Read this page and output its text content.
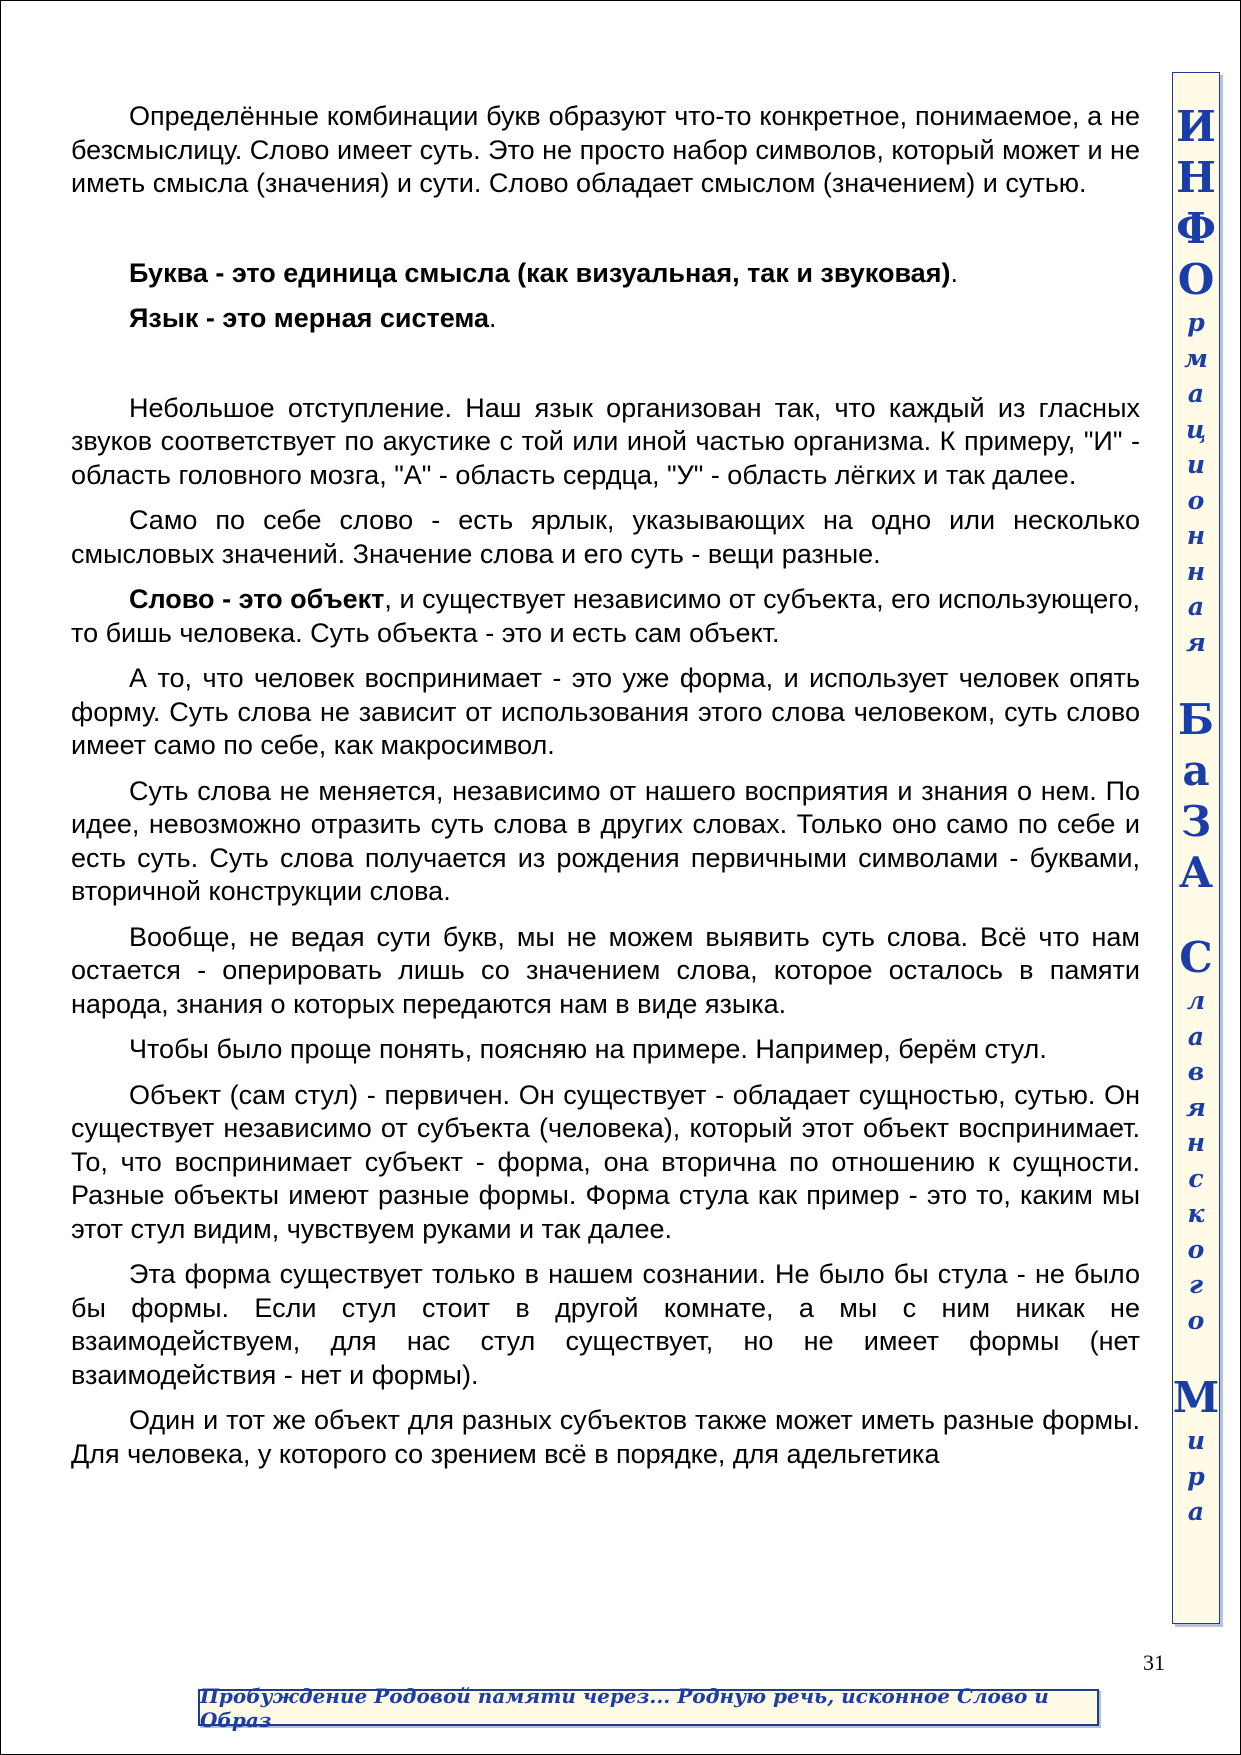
Определённые комбинации букв образуют что-то конкретное, понимаемое, а не безсмыслицу. Слово имеет суть. Это не просто набор символов, который может и не иметь смысла (значения) и сути. Слово обладает смыслом (значением) и сутью.

Буква - это единица смысла (как визуальная, так и звуковая).

Язык - это мерная система.

Небольшое отступление. Наш язык организован так, что каждый из гласных звуков соответствует по акустике с той или иной частью организма. К примеру, "И" - область головного мозга, "А" - область сердца, "У" - область лёгких и так далее.

Само по себе слово - есть ярлык, указывающих на одно или несколько смысловых значений. Значение слова и его суть - вещи разные.

Слово - это объект, и существует независимо от субъекта, его использующего, то бишь человека. Суть объекта - это и есть сам объект.

А то, что человек воспринимает - это уже форма, и использует человек опять форму. Суть слова не зависит от использования этого слова человеком, суть слово имеет само по себе, как макросимвол.

Суть слова не меняется, независимо от нашего восприятия и знания о нем. По идее, невозможно отразить суть слова в других словах. Только оно само по себе и есть суть. Суть слова получается из рождения первичными символами - буквами, вторичной конструкции слова.

Вообще, не ведая сути букв, мы не можем выявить суть слова. Всё что нам остается - оперировать лишь со значением слова, которое осталось в памяти народа, знания о которых передаются нам в виде языка.

Чтобы было проще понять, поясняю на примере. Например, берём стул.

Объект (сам стул) - первичен. Он существует - обладает сущностью, сутью. Он существует независимо от субъекта (человека), который этот объект воспринимает. То, что воспринимает субъект - форма, она вторична по отношению к сущности. Разные объекты имеют разные формы. Форма стула как пример - это то, каким мы этот стул видим, чувствуем руками и так далее.

Эта форма существует только в нашем сознании. Не было бы стула - не было бы формы. Если стул стоит в другой комнате, а мы с ним никак не взаимодействуем, для нас стул существует, но не имеет формы (нет взаимодействия - нет и формы).

Один и тот же объект для разных субъектов также может иметь разные формы. Для человека, у которого со зрением всё в порядке, для адельгетика

И
Н
Ф
О
р
м
а
ц
и
о
н
н
а
я
Б
а
З
А
С
л
а
в
я
н
с
к
о
г
о
М
и
р
а
31
Пробуждение Родовой памяти через... Родную речь, исконное Слово и Образ
